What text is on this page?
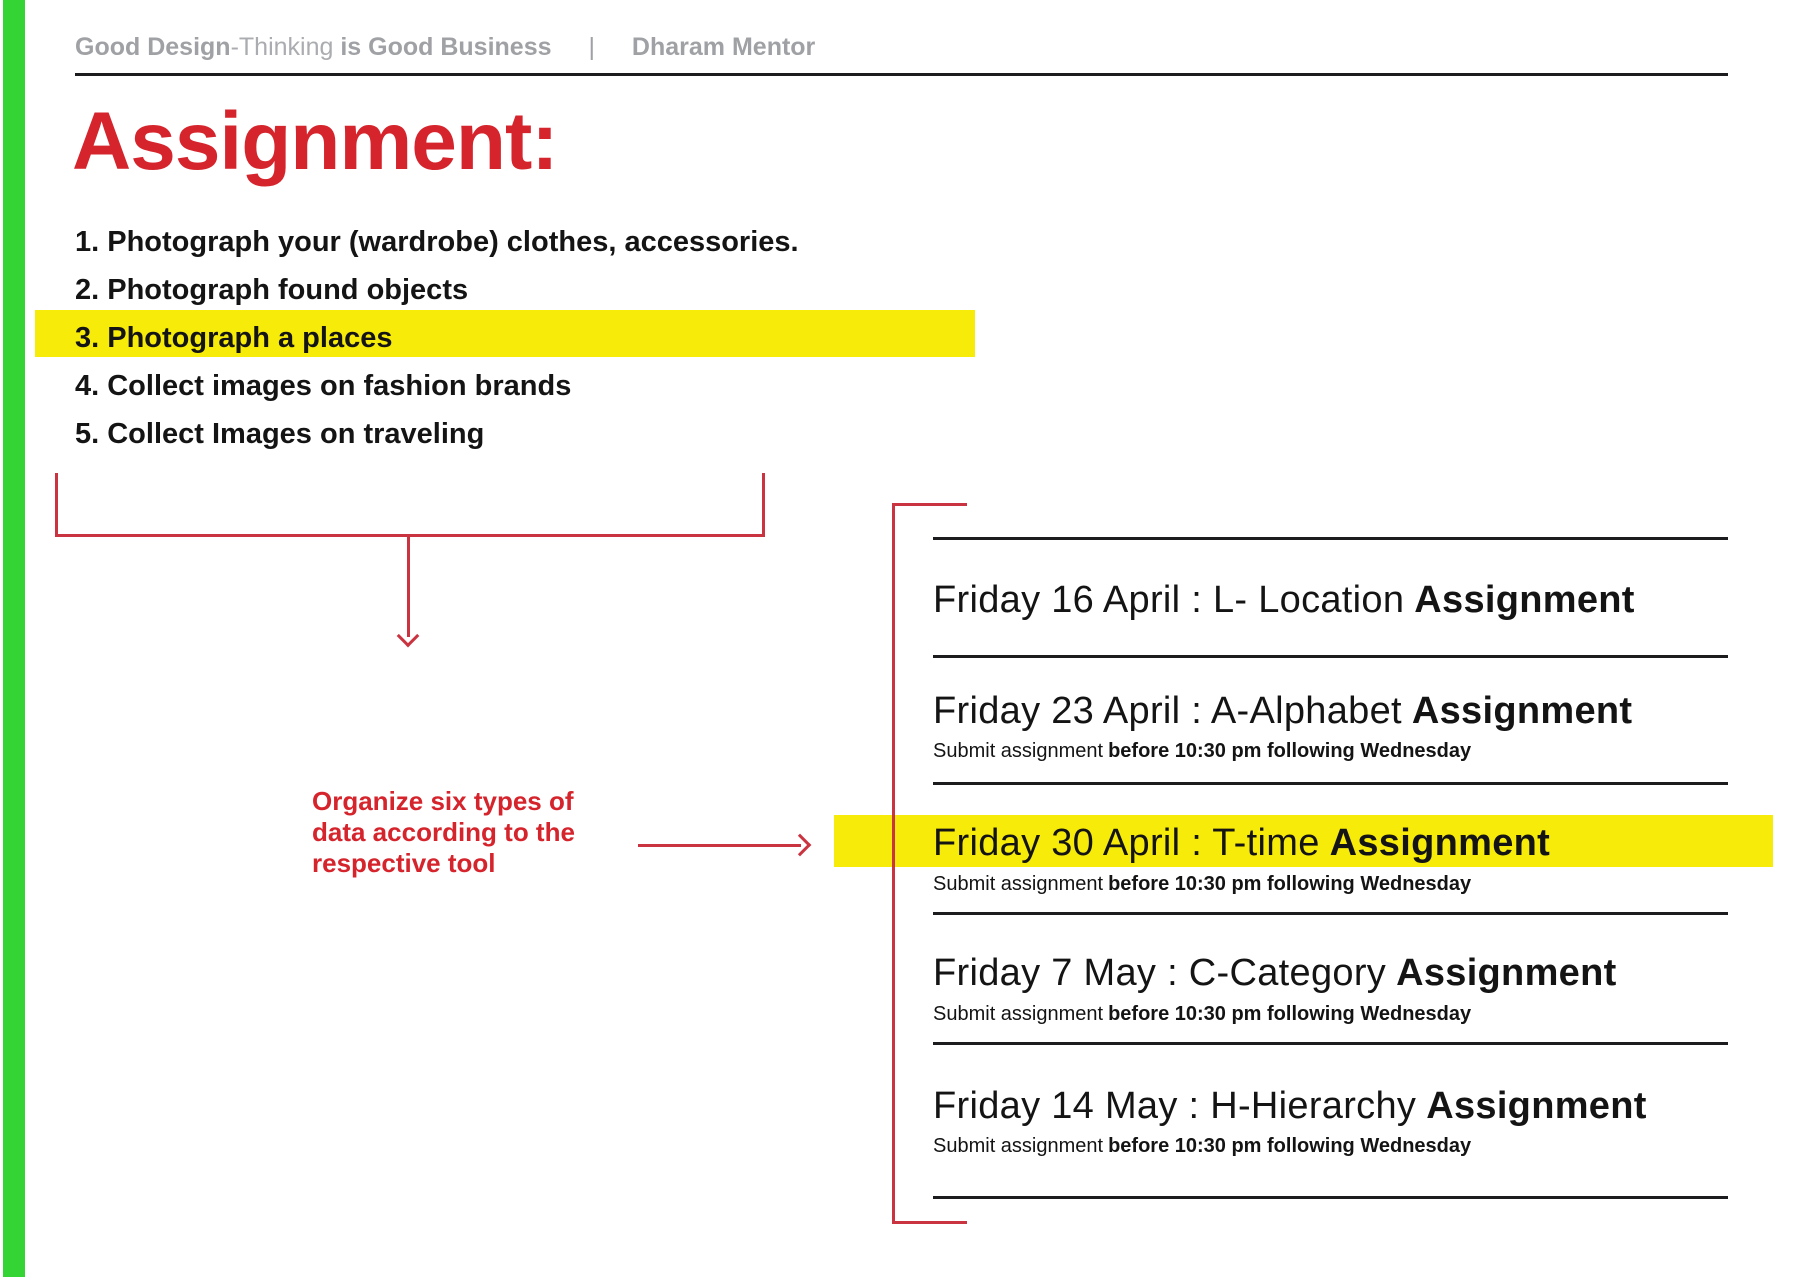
Good Design-Thinking is Good Business | Dharam Mentor
Assignment:
1. Photograph your (wardrobe) clothes, accessories.
2. Photograph found objects
3. Photograph a places
4. Collect images on fashion brands
5. Collect Images on traveling
Organize six types of
data according to the
respective tool
Friday 16 April : L- Location Assignment
Friday 23 April : A-Alphabet Assignment
Submit assignment before 10:30 pm following Wednesday
Friday 30 April : T-time Assignment
Submit assignment before 10:30 pm following Wednesday
Friday 7 May : C-Category Assignment
Submit assignment before 10:30 pm following Wednesday
Friday 14 May : H-Hierarchy Assignment
Submit assignment before 10:30 pm following Wednesday
